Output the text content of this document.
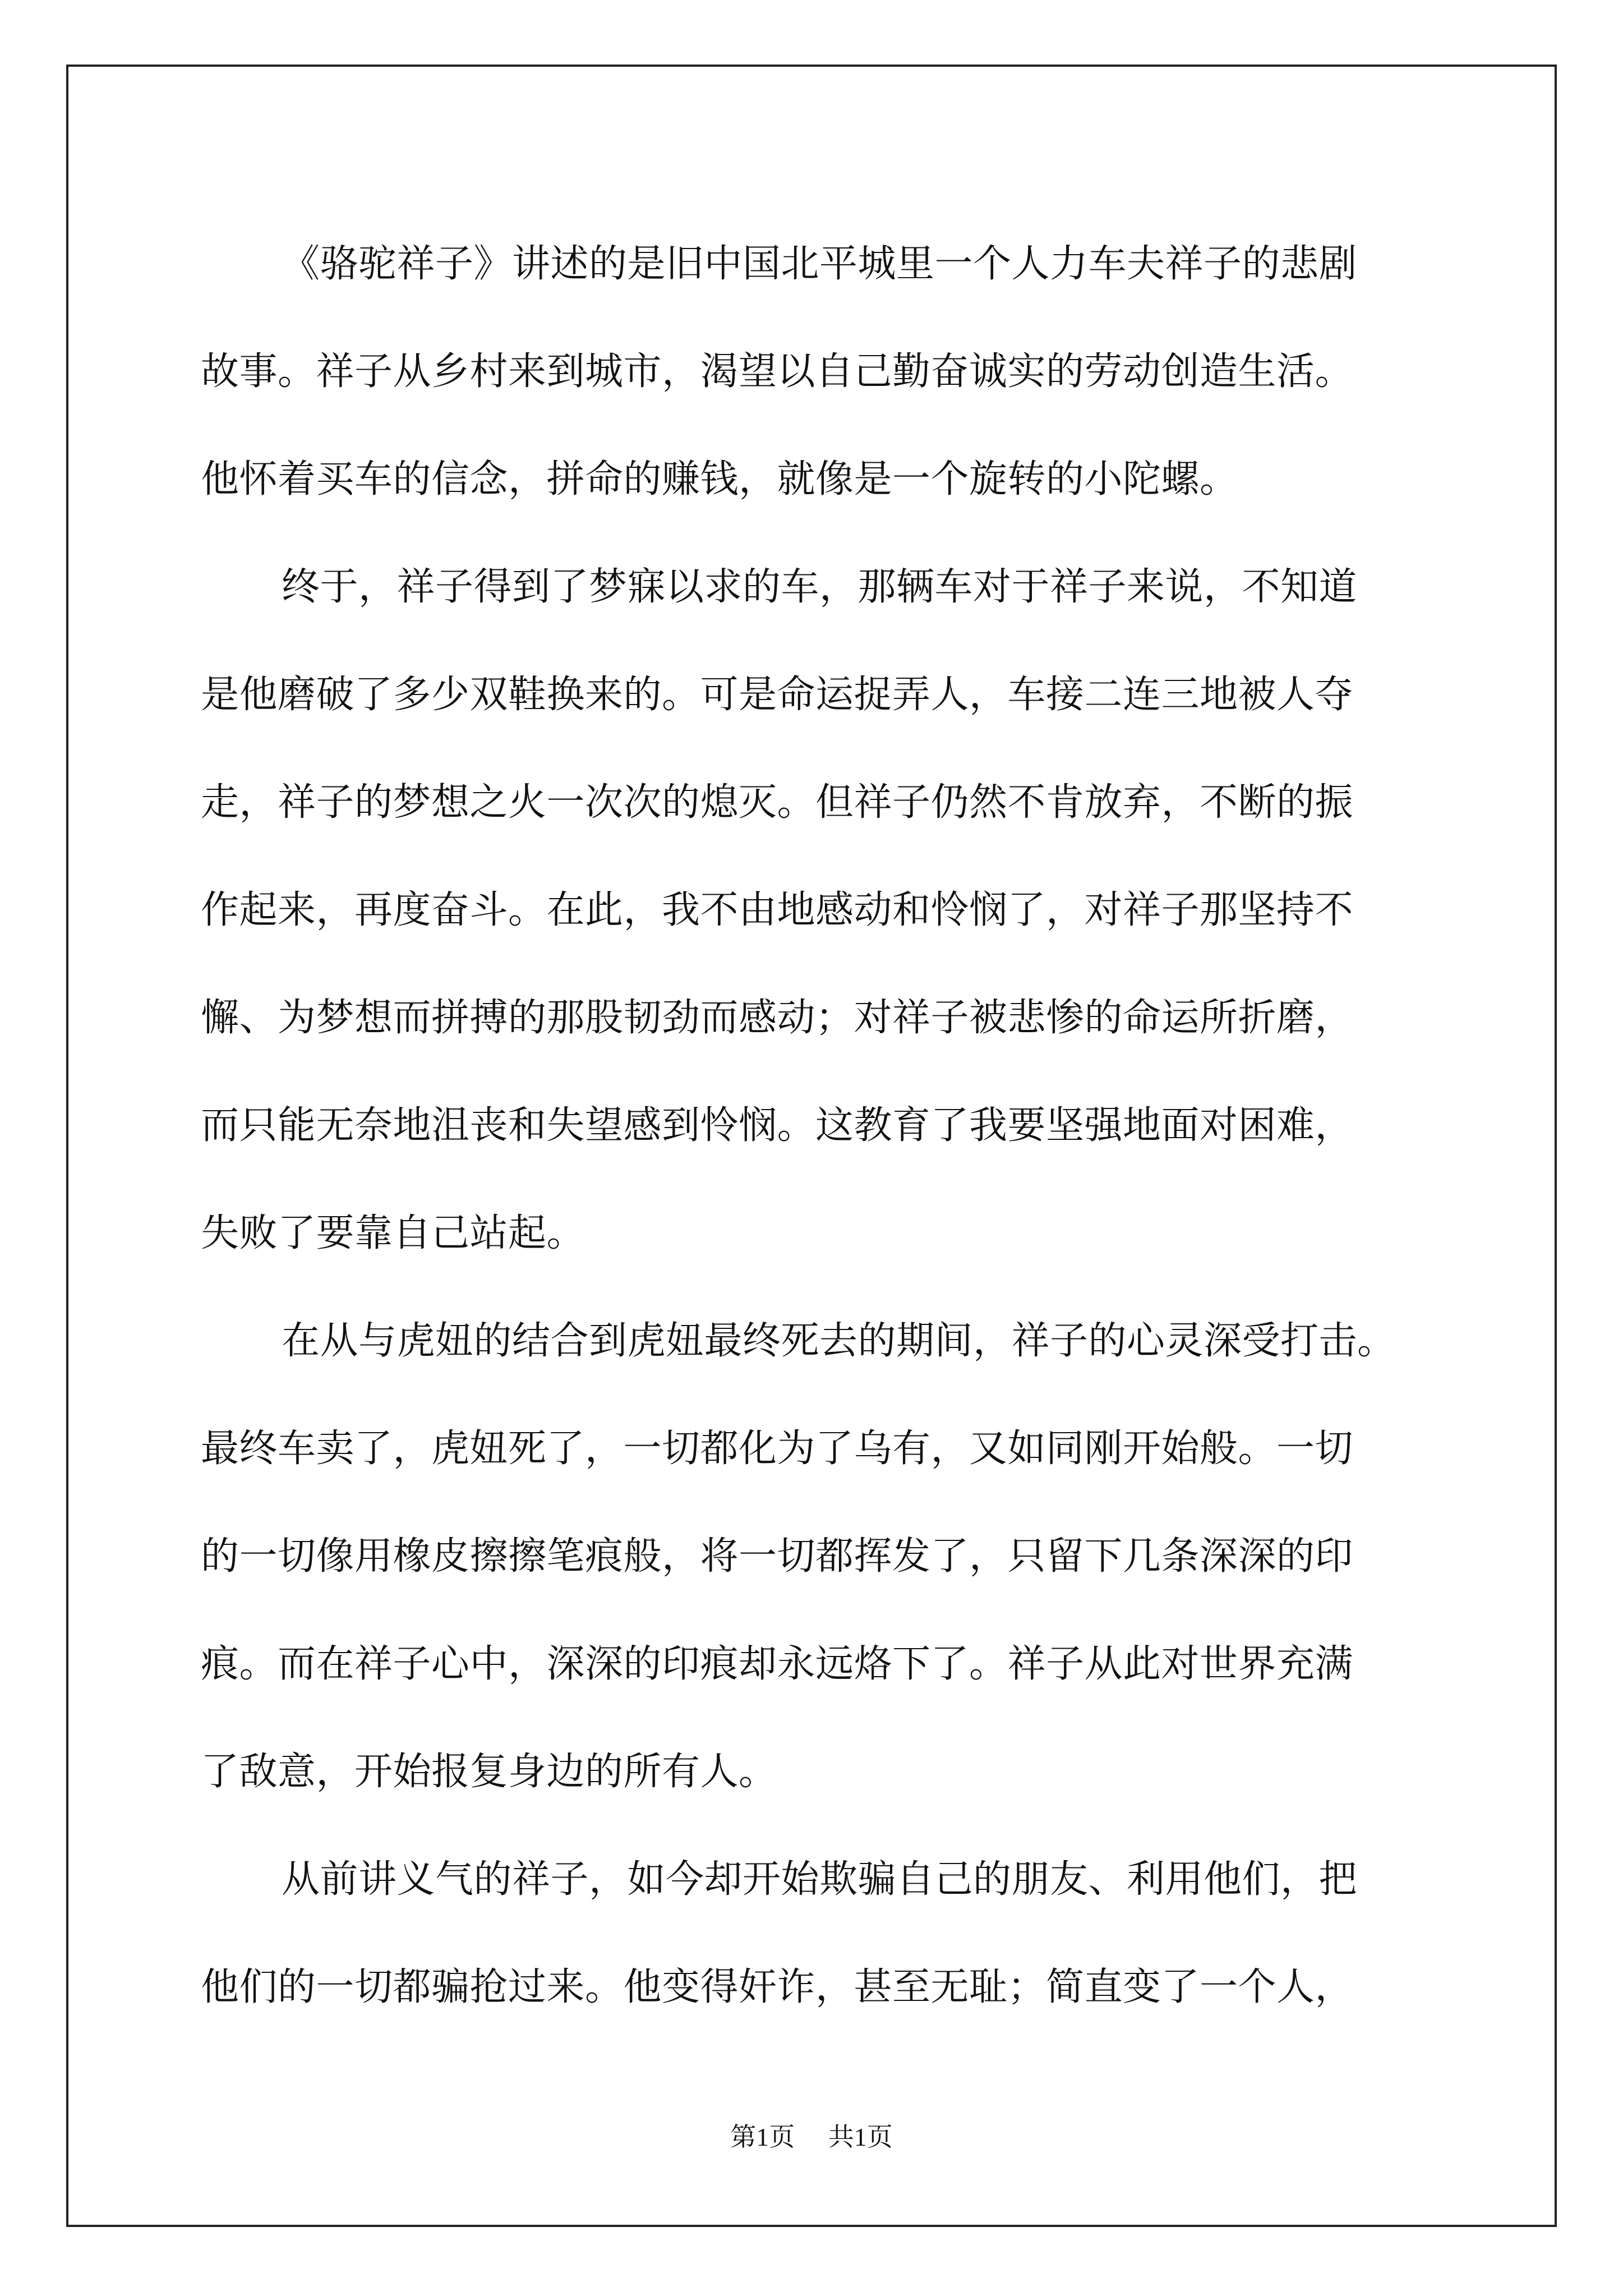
《骆驼祥子》讲述的是旧中国北平城里一个人力车夫祥子的悲剧
故事。祥子从乡村来到城市，渴望以自己勤奋诚实的劳动创造生活。
他怀着买车的信念，拼命的赚钱，就像是一个旋转的小陀螺。
终于，祥子得到了梦寐以求的车，那辆车对于祥子来说，不知道
是他磨破了多少双鞋换来的。可是命运捉弄人，车接二连三地被人夺
走，祥子的梦想之火一次次的熄灭。但祥子仍然不肯放弃，不断的振
作起来，再度奋斗。在此，我不由地感动和怜悯了，对祥子那坚持不
懈、为梦想而拼搏的那股韧劲而感动；对祥子被悲惨的命运所折磨，
而只能无奈地沮丧和失望感到怜悯。这教育了我要坚强地面对困难，
失败了要靠自己站起。
在从与虎妞的结合到虎妞最终死去的期间，祥子的心灵深受打击。
最终车卖了，虎妞死了，一切都化为了乌有，又如同刚开始般。一切
的一切像用橡皮擦擦笔痕般，将一切都挥发了，只留下几条深深的印
痕。而在祥子心中，深深的印痕却永远烙下了。祥子从此对世界充满
了敌意，开始报复身边的所有人。
从前讲义气的祥子，如今却开始欺骗自己的朋友、利用他们，把
他们的一切都骗抢过来。他变得奸诈，甚至无耻；简直变了一个人，
第1页 共1页
